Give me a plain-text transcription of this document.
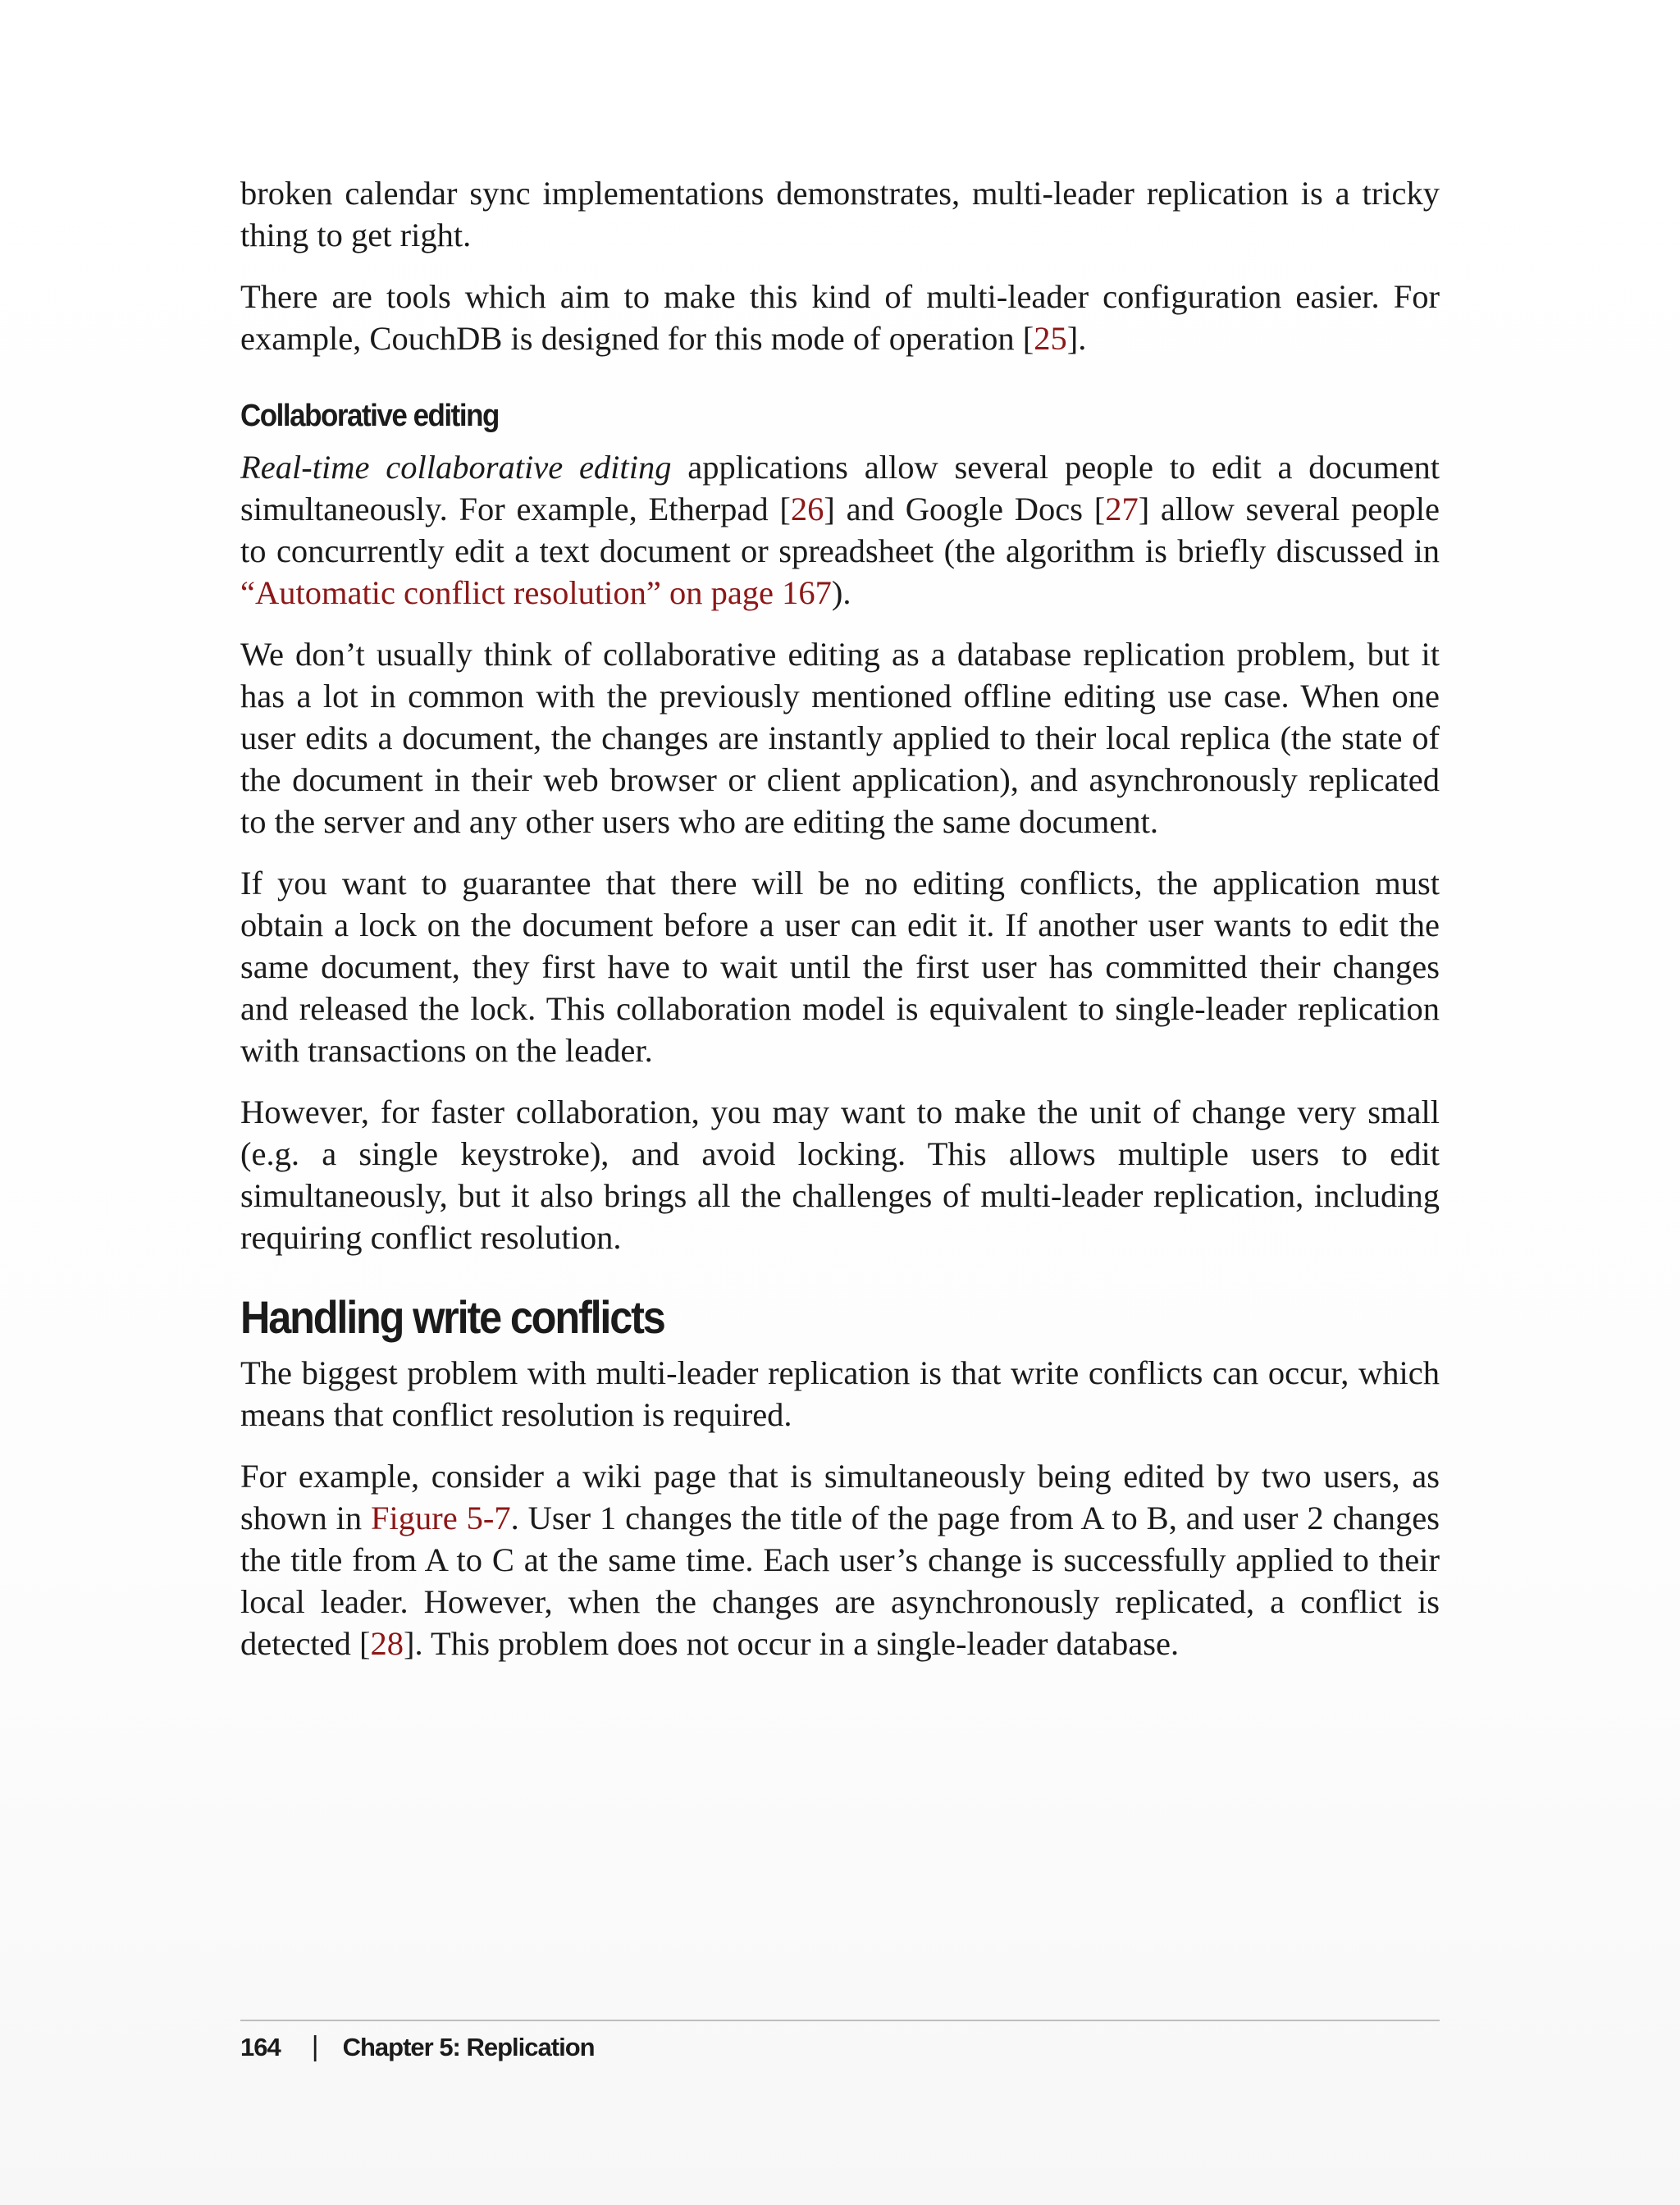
broken calendar sync implementations demonstrates, multi-leader replication is a tricky thing to get right.

There are tools which aim to make this kind of multi-leader configuration easier. For example, CouchDB is designed for this mode of operation [25].

Collaborative editing

Real-time collaborative editing applications allow several people to edit a document simultaneously. For example, Etherpad [26] and Google Docs [27] allow several people to concurrently edit a text document or spreadsheet (the algorithm is briefly discussed in “Automatic conflict resolution” on page 167).

We don’t usually think of collaborative editing as a database replication problem, but it has a lot in common with the previously mentioned offline editing use case. When one user edits a document, the changes are instantly applied to their local replica (the state of the document in their web browser or client application), and asynchronously replicated to the server and any other users who are editing the same document.

If you want to guarantee that there will be no editing conflicts, the application must obtain a lock on the document before a user can edit it. If another user wants to edit the same document, they first have to wait until the first user has committed their changes and released the lock. This collaboration model is equivalent to single-leader replication with transactions on the leader.

However, for faster collaboration, you may want to make the unit of change very small (e.g. a single keystroke), and avoid locking. This allows multiple users to edit simultaneously, but it also brings all the challenges of multi-leader replication, including requiring conflict resolution.

Handling write conflicts

The biggest problem with multi-leader replication is that write conflicts can occur, which means that conflict resolution is required.

For example, consider a wiki page that is simultaneously being edited by two users, as shown in Figure 5-7. User 1 changes the title of the page from A to B, and user 2 changes the title from A to C at the same time. Each user’s change is successfully applied to their local leader. However, when the changes are asynchronously replicated, a conflict is detected [28]. This problem does not occur in a single-leader database.

164 | Chapter 5: Replication
